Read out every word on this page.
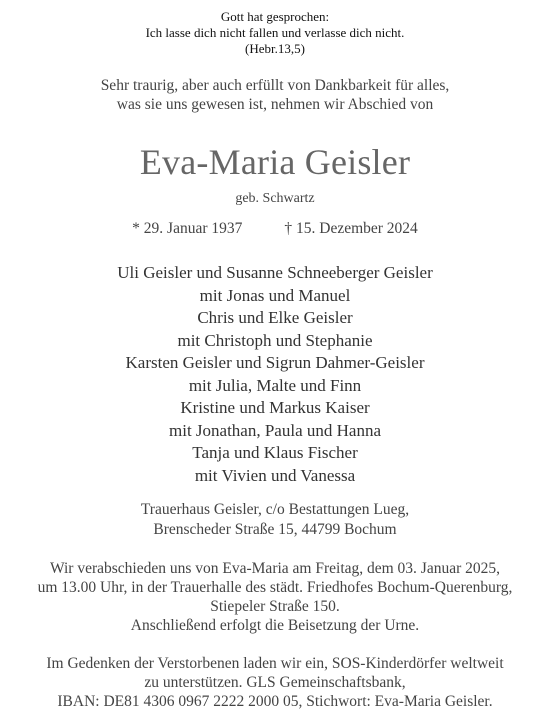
Gott hat gesprochen:
Ich lasse dich nicht fallen und verlasse dich nicht.
(Hebr.13,5)
Sehr traurig, aber auch erfüllt von Dankbarkeit für alles,
was sie uns gewesen ist, nehmen wir Abschied von
Eva-Maria Geisler
geb. Schwartz
* 29. Januar 1937	† 15. Dezember 2024
Uli Geisler und Susanne Schneeberger Geisler
mit Jonas und Manuel
Chris und Elke Geisler
mit Christoph und Stephanie
Karsten Geisler und Sigrun Dahmer-Geisler
mit Julia, Malte und Finn
Kristine und Markus Kaiser
mit Jonathan, Paula und Hanna
Tanja und Klaus Fischer
mit Vivien und Vanessa
Trauerhaus Geisler, c/o Bestattungen Lueg,
Brenscheder Straße 15, 44799 Bochum
Wir verabschieden uns von Eva-Maria am Freitag, dem 03. Januar 2025,
um 13.00 Uhr, in der Trauerhalle des städt. Friedhofes Bochum-Querenburg,
Stiepeler Straße 150.
Anschließend erfolgt die Beisetzung der Urne.
Im Gedenken der Verstorbenen laden wir ein, SOS-Kinderdörfer weltweit
zu unterstützen. GLS Gemeinschaftsbank,
IBAN: DE81 4306 0967 2222 2000 05, Stichwort: Eva-Maria Geisler.
